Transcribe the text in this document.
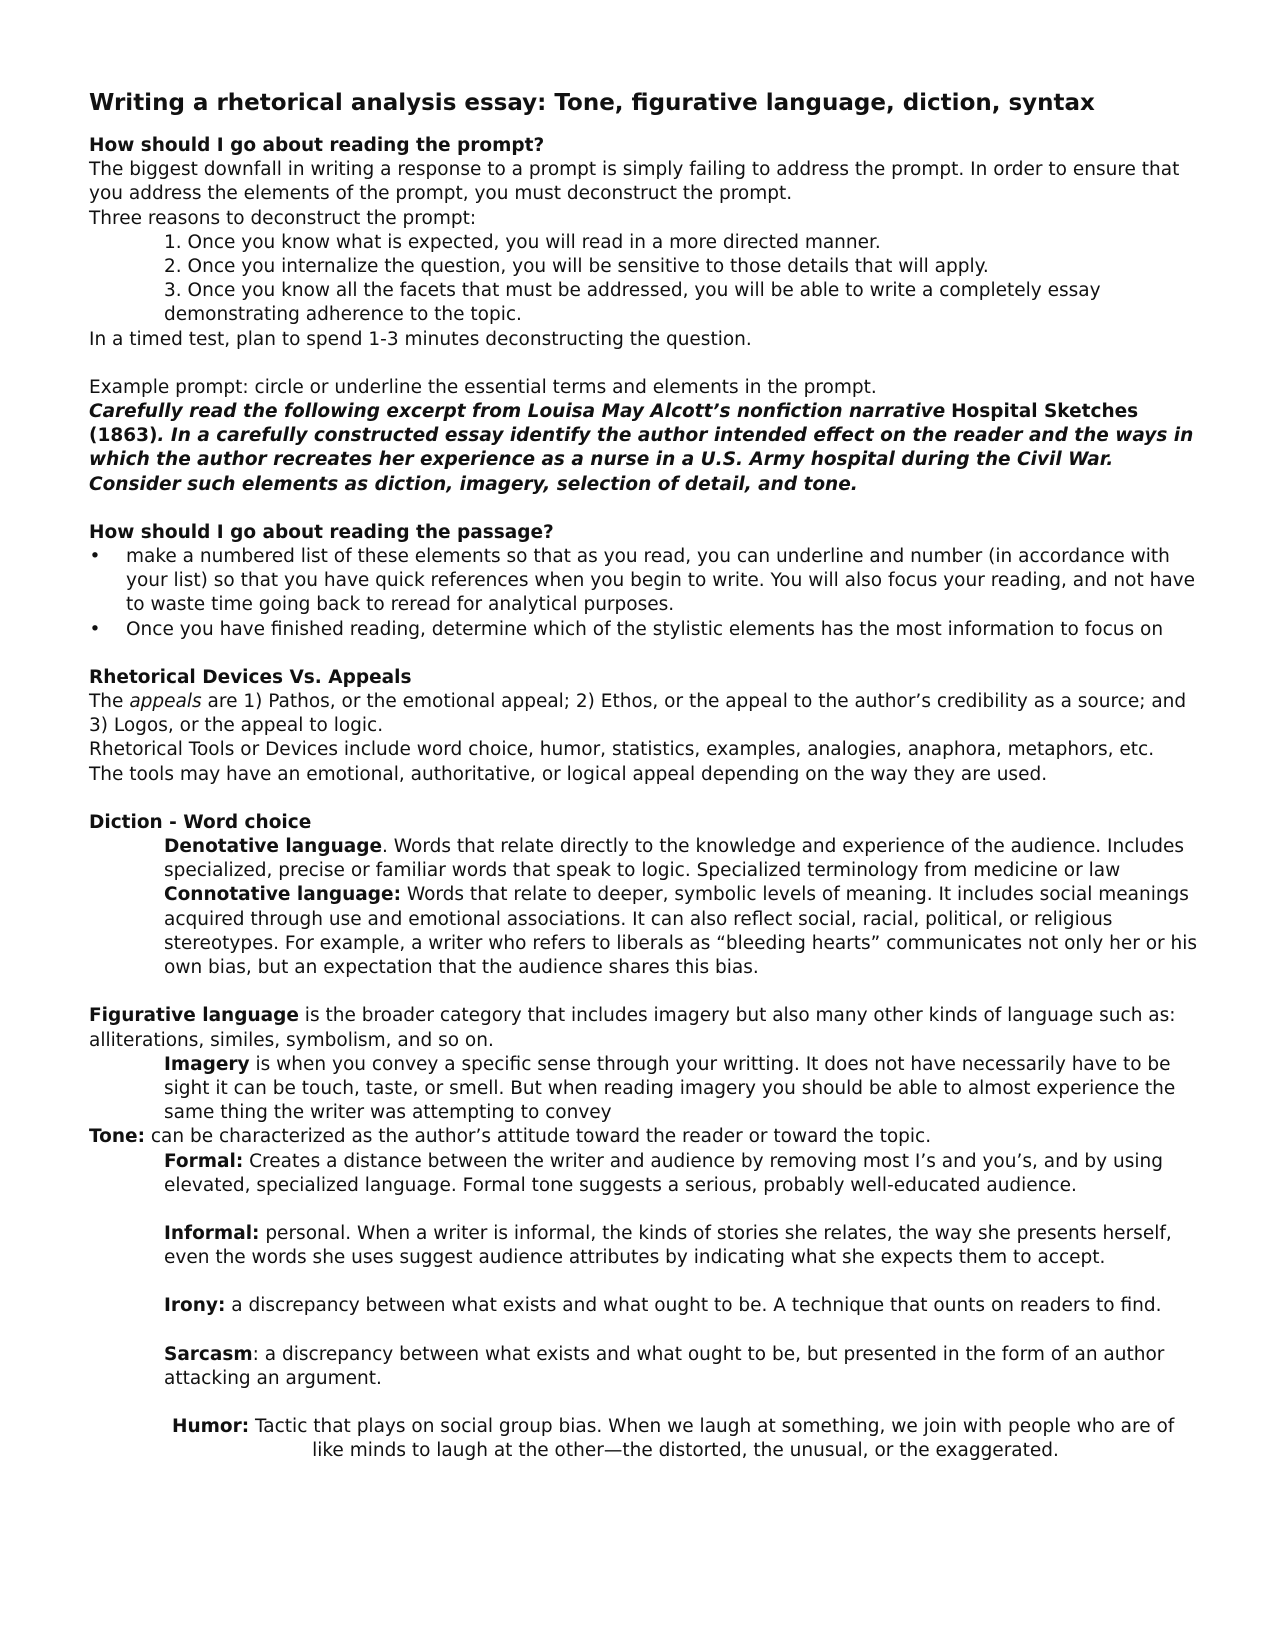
Writing a rhetorical analysis essay: Tone, figurative language, diction, syntax

How should I go about reading the prompt?

The biggest downfall in writing a response to a prompt is simply failing to address the prompt. In order to ensure that you address the elements of the prompt, you must deconstruct the prompt.

Three reasons to deconstruct the prompt:

1. Once you know what is expected, you will read in a more directed manner.

2. Once you internalize the question, you will be sensitive to those details that will apply.

3. Once you know all the facets that must be addressed, you will be able to write a completely essay demonstrating adherence to the topic.

In a timed test, plan to spend 1-3 minutes deconstructing the question.

Example prompt: circle or underline the essential terms and elements in the prompt.

Carefully read the following excerpt from Louisa May Alcott’s nonfiction narrative Hospital Sketches (1863). In a carefully constructed essay identify the author intended effect on the reader and the ways in which the author recreates her experience as a nurse in a U.S. Army hospital during the Civil War. Consider such elements as diction, imagery, selection of detail, and tone.

How should I go about reading the passage?

• make a numbered list of these elements so that as you read, you can underline and number (in accordance with your list) so that you have quick references when you begin to write. You will also focus your reading, and not have to waste time going back to reread for analytical purposes.
• Once you have finished reading, determine which of the stylistic elements has the most information to focus on

Rhetorical Devices Vs. Appeals

The appeals are 1) Pathos, or the emotional appeal; 2) Ethos, or the appeal to the author’s credibility as a source; and 3) Logos, or the appeal to logic.

Rhetorical Tools or Devices include word choice, humor, statistics, examples, analogies, anaphora, metaphors, etc.

The tools may have an emotional, authoritative, or logical appeal depending on the way they are used.

Diction - Word choice

Denotative language. Words that relate directly to the knowledge and experience of the audience. Includes specialized, precise or familiar words that speak to logic. Specialized terminology from medicine or law

Connotative language: Words that relate to deeper, symbolic levels of meaning. It includes social meanings acquired through use and emotional associations. It can also reflect social, racial, political, or religious stereotypes. For example, a writer who refers to liberals as “bleeding hearts” communicates not only her or his own bias, but an expectation that the audience shares this bias.

Figurative language is the broader category that includes imagery but also many other kinds of language such as: alliterations, similes, symbolism, and so on.

Imagery is when you convey a specific sense through your writting. It does not have necessarily have to be sight it can be touch, taste, or smell. But when reading imagery you should be able to almost experience the same thing the writer was attempting to convey

Tone: can be characterized as the author’s attitude toward the reader or toward the topic.

Formal: Creates a distance between the writer and audience by removing most I’s and you’s, and by using elevated, specialized language. Formal tone suggests a serious, probably well-educated audience.

Informal: personal. When a writer is informal, the kinds of stories she relates, the way she presents herself, even the words she uses suggest audience attributes by indicating what she expects them to accept.

Irony: a discrepancy between what exists and what ought to be. A technique that ounts on readers to find.

Sarcasm: a discrepancy between what exists and what ought to be, but presented in the form of an author attacking an argument.

Humor: Tactic that plays on social group bias. When we laugh at something, we join with people who are of
like minds to laugh at the other—the distorted, the unusual, or the exaggerated.
